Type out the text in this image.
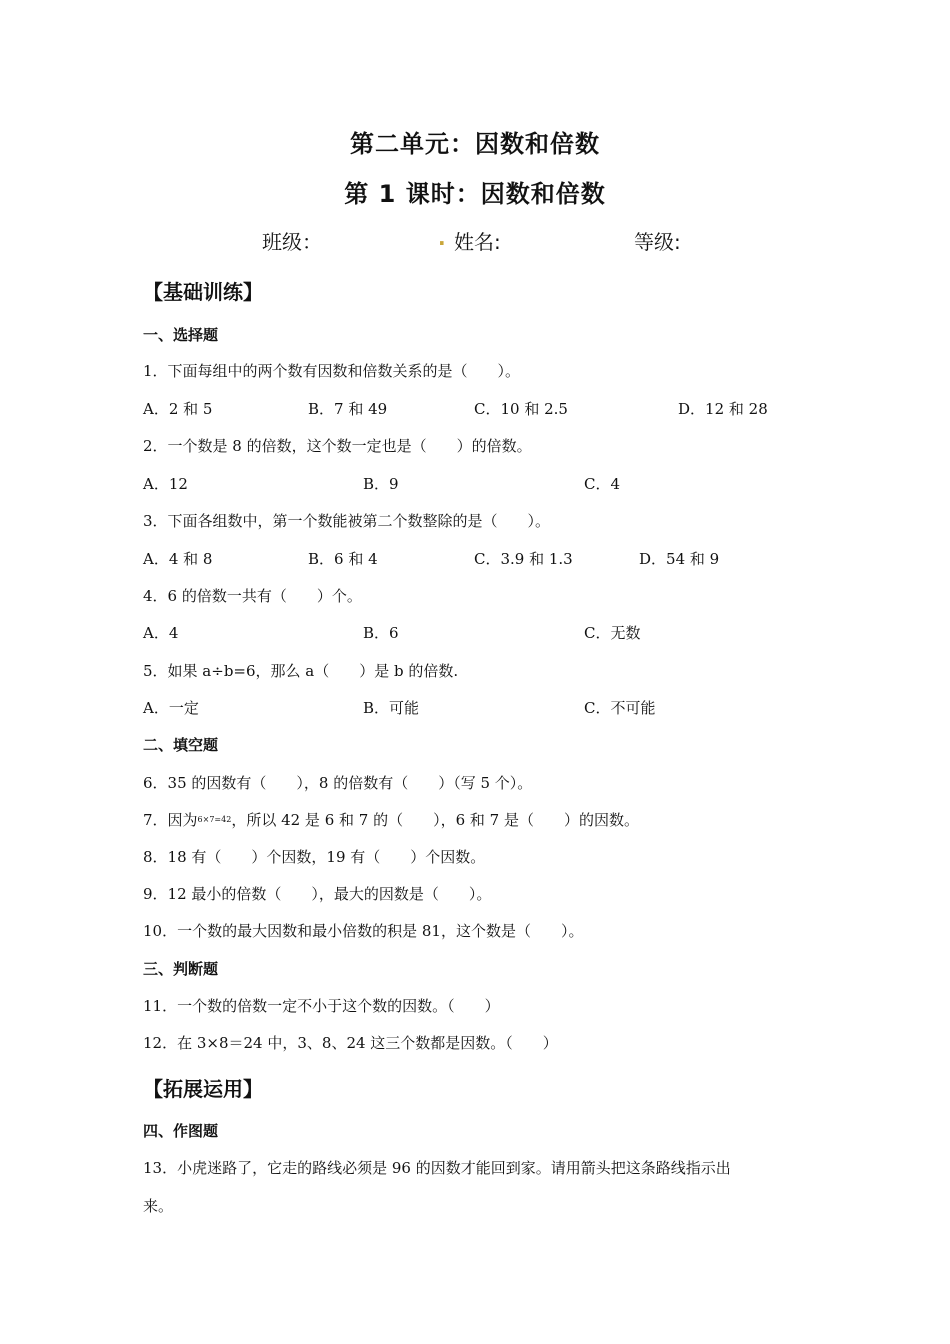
第二单元：因数和倍数
第 1 课时：因数和倍数
班级：	. 姓名:	等级:
【基础训练】
一、选择题
1．下面每组中的两个数有因数和倍数关系的是（　　）。
A．2 和 5	B．7 和 49	C．10 和 2.5	D．12 和 28
2．一个数是 8 的倍数，这个数一定也是（　　）的倍数。
A．12	B．9	C．4
3．下面各组数中，第一个数能被第二个数整除的是（　　）。
A．4 和 8	B．6 和 4	C．3.9 和 1.3	D．54 和 9
4．6 的倍数一共有（　　）个。
A．4	B．6	C．无数
5．如果 a÷b=6，那么 a（　　）是 b 的倍数.
A．一定	B．可能	C．不可能
二、填空题
6．35 的因数有（　　），8 的倍数有（　　）（写 5 个）。
7．因为$^{6\times 7=42}$，所以 42 是 6 和 7 的（　　），6 和 7 是（　　）的因数。
8．18 有（　　）个因数，19 有（　　）个因数。
9．12 最小的倍数（　　），最大的因数是（　　）。
10．一个数的最大因数和最小倍数的积是 81，这个数是（　　）。
三、判断题
11．一个数的倍数一定不小于这个数的因数。（　　）
12．在 3×8＝24 中，3、8、24 这三个数都是因数。（　　）
【拓展运用】
四、作图题
13．小虎迷路了，它走的路线必须是 96 的因数才能回到家。请用箭头把这条路线指示出
来。
